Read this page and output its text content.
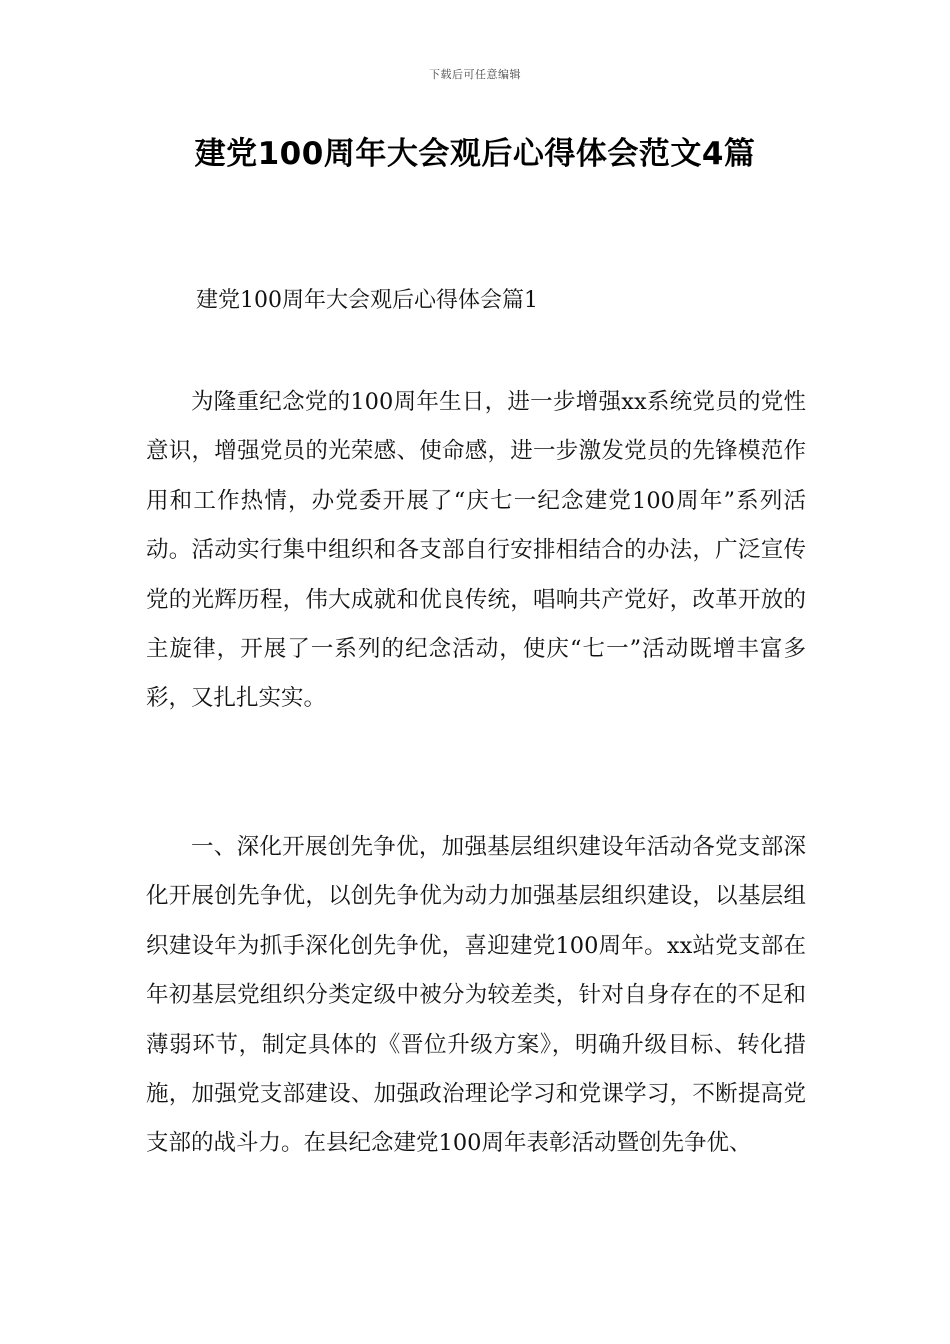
下载后可任意编辑
建党100周年大会观后心得体会范文4篇
建党100周年大会观后心得体会篇1

为隆重纪念党的100周年生日，进一步增强xx系统党员的党性意识，增强党员的光荣感、使命感，进一步激发党员的先锋模范作用和工作热情，办党委开展了“庆七一纪念建党100周年”系列活动。活动实行集中组织和各支部自行安排相结合的办法，广泛宣传党的光辉历程，伟大成就和优良传统，唱响共产党好，改革开放的主旋律，开展了一系列的纪念活动，使庆“七一”活动既增丰富多彩，又扎扎实实。

一、深化开展创先争优，加强基层组织建设年活动各党支部深化开展创先争优，以创先争优为动力加强基层组织建设，以基层组织建设年为抓手深化创先争优，喜迎建党100周年。xx站党支部在年初基层党组织分类定级中被分为较差类，针对自身存在的不足和薄弱环节，制定具体的《晋位升级方案》，明确升级目标、转化措施，加强党支部建设、加强政治理论学习和党课学习，不断提高党支部的战斗力。在县纪念建党100周年表彰活动暨创先争优、
